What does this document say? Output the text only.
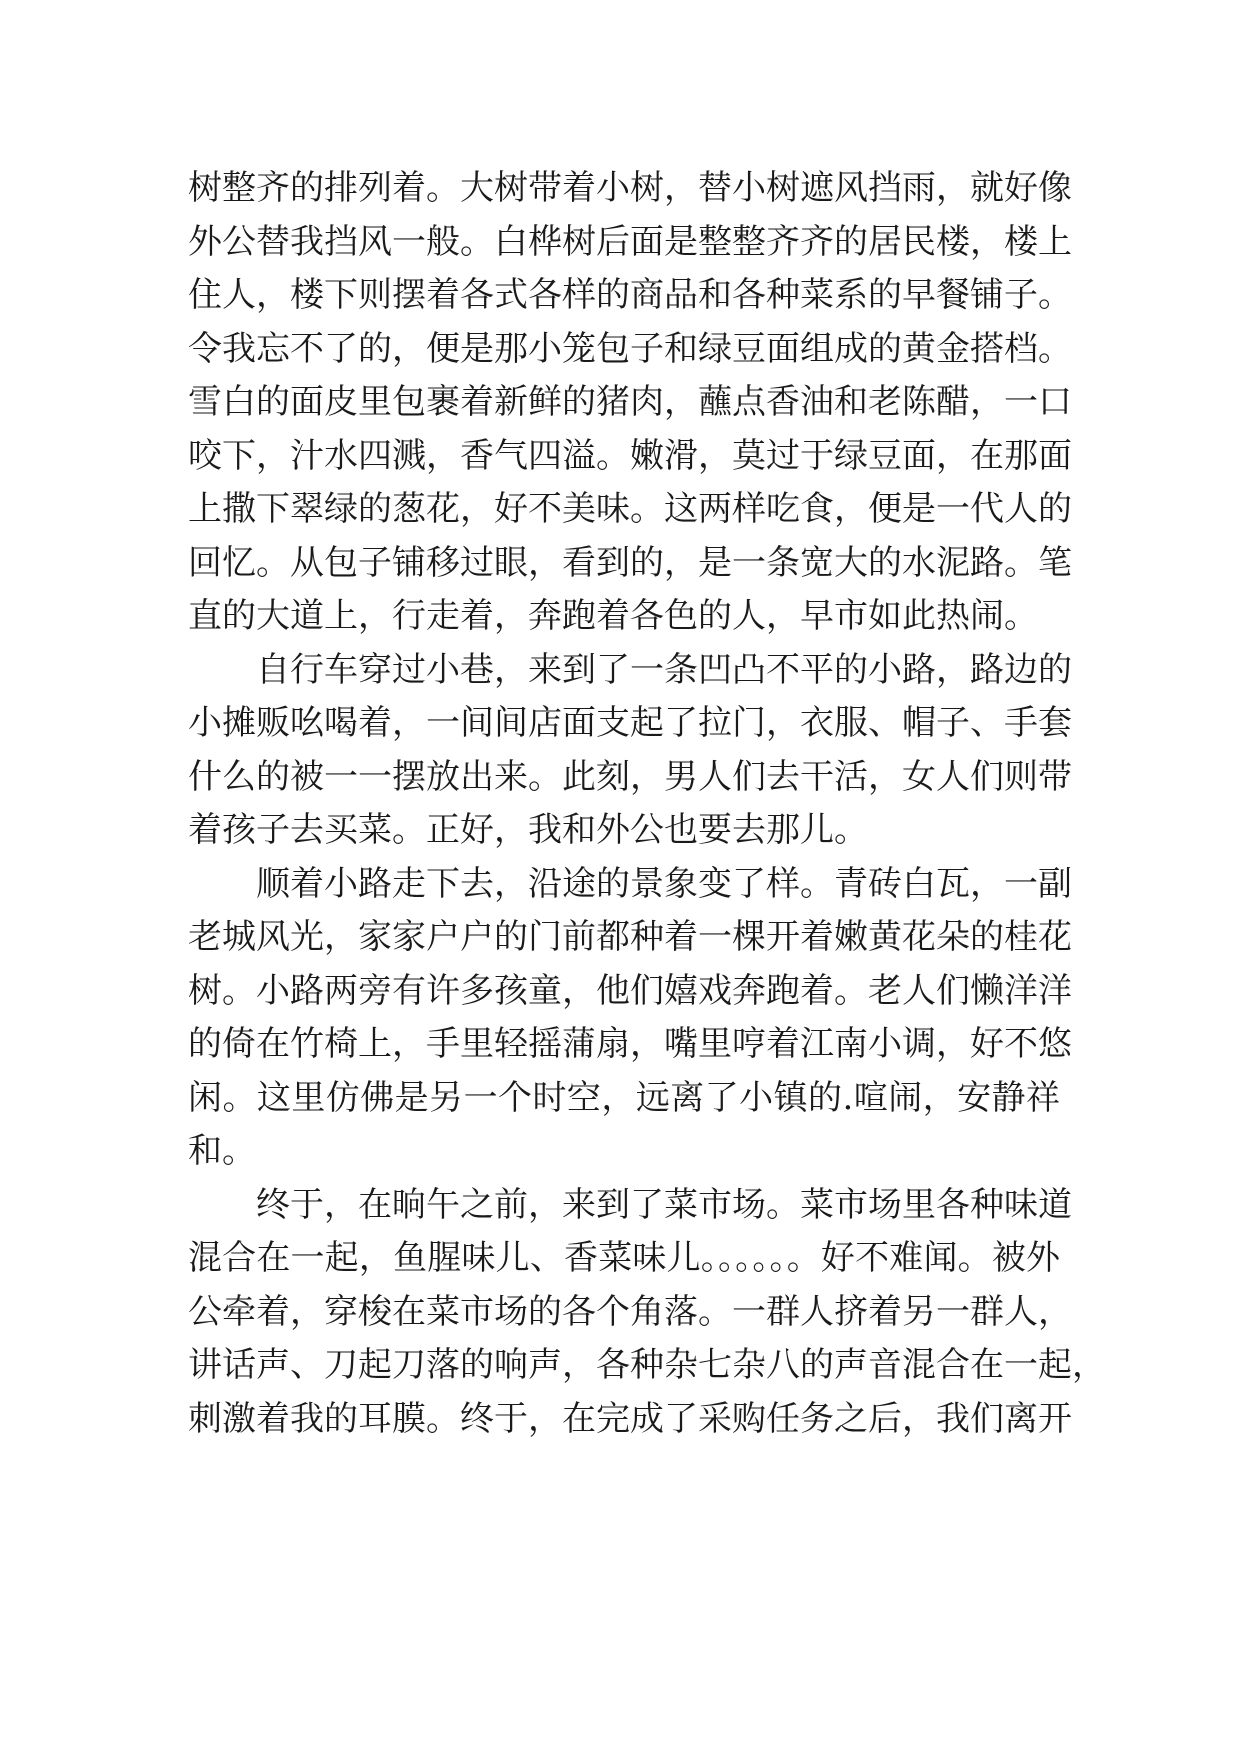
树整齐的排列着。大树带着小树，替小树遮风挡雨，就好像
外公替我挡风一般。白桦树后面是整整齐齐的居民楼，楼上
住人，楼下则摆着各式各样的商品和各种菜系的早餐铺子。
令我忘不了的，便是那小笼包子和绿豆面组成的黄金搭档。
雪白的面皮里包裹着新鲜的猪肉，蘸点香油和老陈醋，一口
咬下，汁水四溅，香气四溢。嫩滑，莫过于绿豆面，在那面
上撒下翠绿的葱花，好不美味。这两样吃食，便是一代人的
回忆。从包子铺移过眼，看到的，是一条宽大的水泥路。笔
直的大道上，行走着，奔跑着各色的人，早市如此热闹。
自行车穿过小巷，来到了一条凹凸不平的小路，路边的
小摊贩吆喝着，一间间店面支起了拉门，衣服、帽子、手套
什么的被一一摆放出来。此刻，男人们去干活，女人们则带
着孩子去买菜。正好，我和外公也要去那儿。
顺着小路走下去，沿途的景象变了样。青砖白瓦，一副
老城风光，家家户户的门前都种着一棵开着嫩黄花朵的桂花
树。小路两旁有许多孩童，他们嬉戏奔跑着。老人们懒洋洋
的倚在竹椅上，手里轻摇蒲扇，嘴里哼着江南小调，好不悠
闲。这里仿佛是另一个时空，远离了小镇的.喧闹，安静祥
和。
终于，在晌午之前，来到了菜市场。菜市场里各种味道
混合在一起，鱼腥味儿、香菜味儿。。。。。。好不难闻。被外
公牵着，穿梭在菜市场的各个角落。一群人挤着另一群人，
讲话声、刀起刀落的响声，各种杂七杂八的声音混合在一起，
刺激着我的耳膜。终于，在完成了采购任务之后，我们离开
